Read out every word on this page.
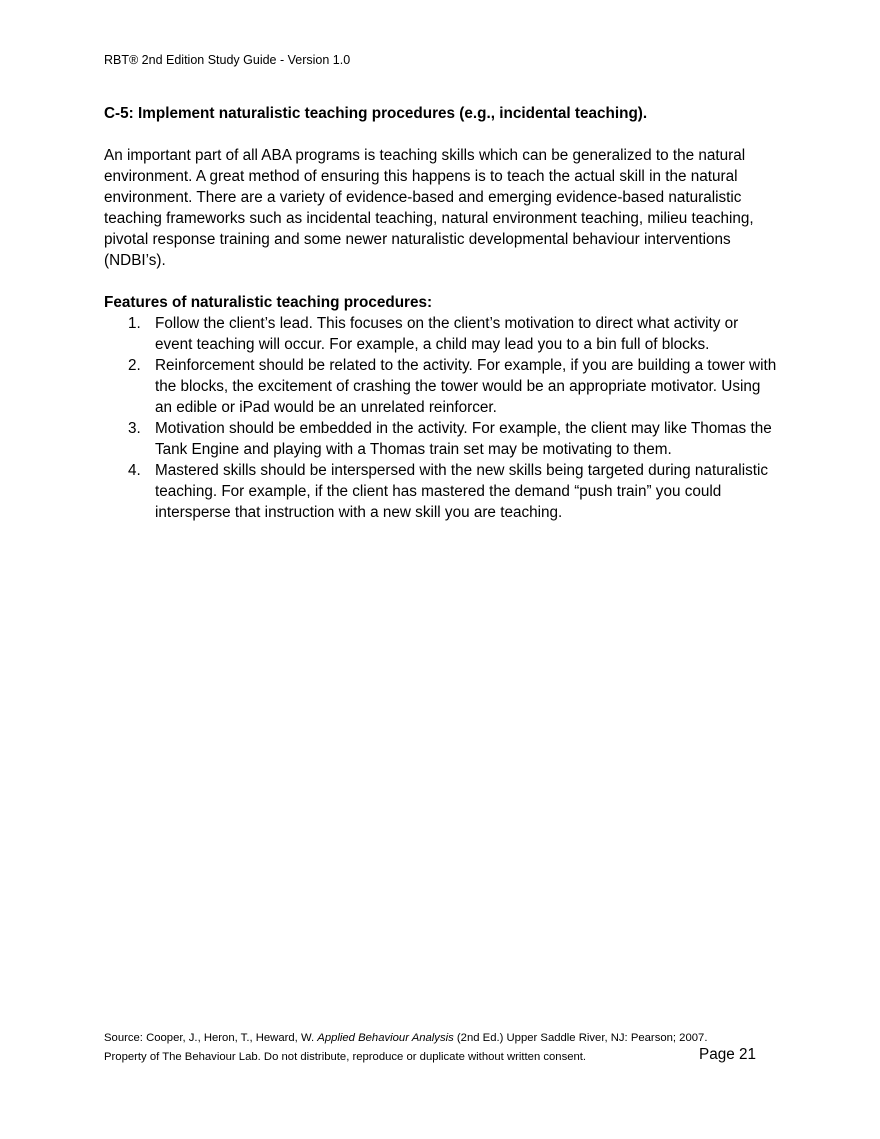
RBT® 2nd Edition Study Guide - Version 1.0

C-5: Implement naturalistic teaching procedures (e.g., incidental teaching).

An important part of all ABA programs is teaching skills which can be generalized to the natural environment. A great method of ensuring this happens is to teach the actual skill in the natural environment. There are a variety of evidence-based and emerging evidence-based naturalistic teaching frameworks such as incidental teaching, natural environment teaching, milieu teaching, pivotal response training and some newer naturalistic developmental behaviour interventions (NDBI’s).

Features of naturalistic teaching procedures:

1. Follow the client’s lead. This focuses on the client’s motivation to direct what activity or event teaching will occur. For example, a child may lead you to a bin full of blocks.
2. Reinforcement should be related to the activity. For example, if you are building a tower with the blocks, the excitement of crashing the tower would be an appropriate motivator. Using an edible or iPad would be an unrelated reinforcer.
3. Motivation should be embedded in the activity. For example, the client may like Thomas the Tank Engine and playing with a Thomas train set may be motivating to them.
4. Mastered skills should be interspersed with the new skills being targeted during naturalistic teaching. For example, if the client has mastered the demand “push train” you could intersperse that instruction with a new skill you are teaching.
Source: Cooper, J., Heron, T., Heward, W. Applied Behaviour Analysis (2nd Ed.) Upper Saddle River, NJ: Pearson; 2007.
Property of The Behaviour Lab. Do not distribute, reproduce or duplicate without written consent.	Page 21
